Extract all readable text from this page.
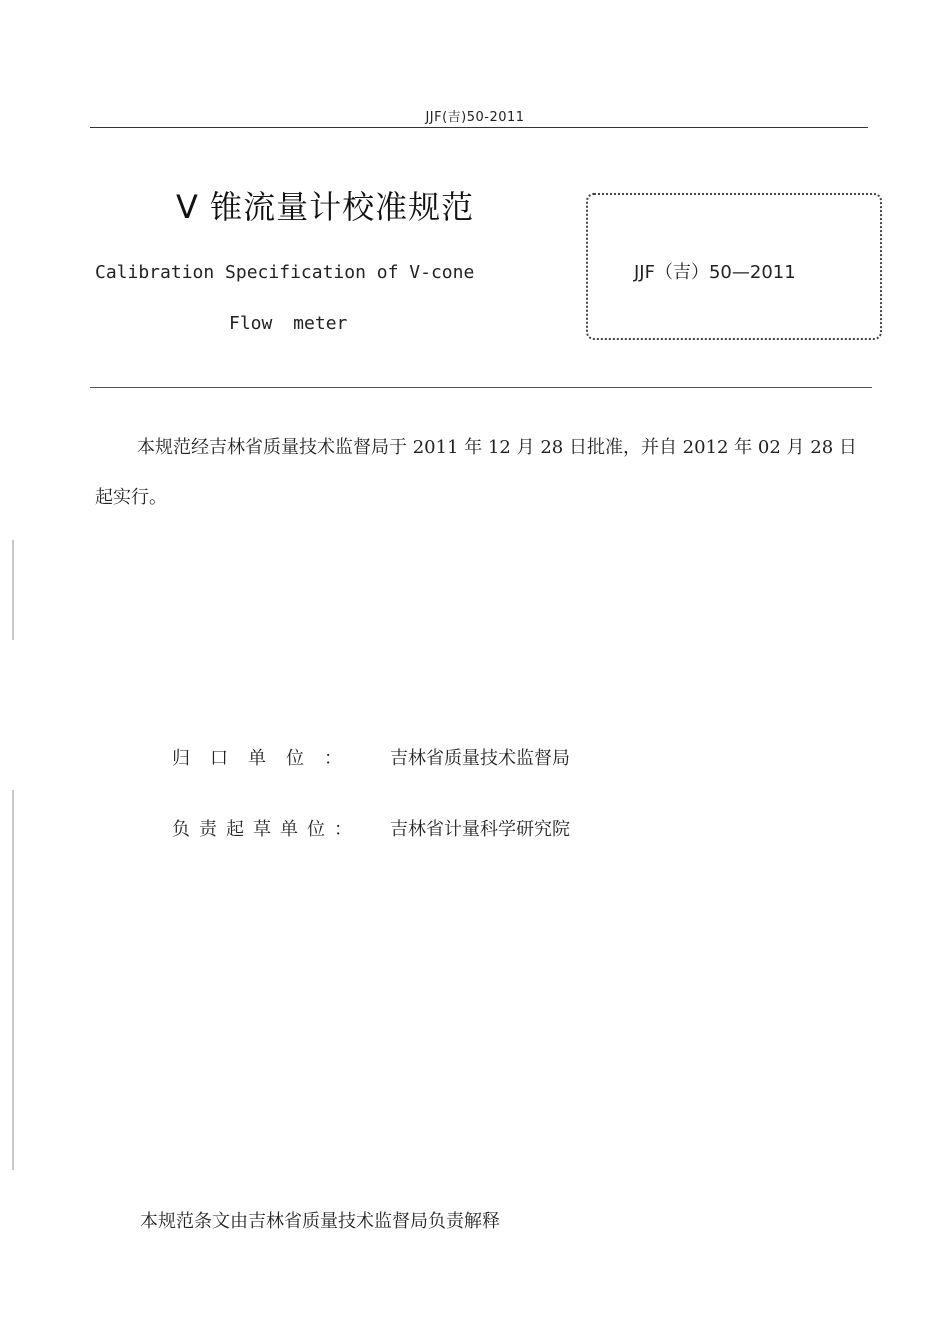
JJF(吉)50-2011
V 锥流量计校准规范
Calibration Specification of V-cone
Flow meter
JJF（吉）50—2011
本规范经吉林省质量技术监督局于 2011 年 12 月 28 日批准，并自 2012 年 02 月 28 日起实行。
归口单位： 吉林省质量技术监督局
负责起草单位： 吉林省计量科学研究院
本规范条文由吉林省质量技术监督局负责解释
